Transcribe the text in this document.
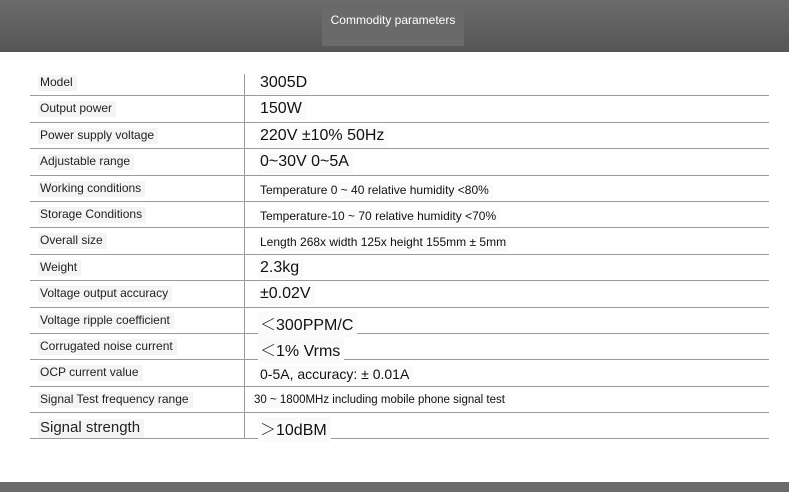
Commodity parameters
Model	3005D
Output power	150W
Power supply voltage	220V ±10% 50Hz
Adjustable range	0~30V 0~5A
Working conditions	Temperature 0 ~ 40 relative humidity <80%
Storage Conditions	Temperature-10 ~ 70 relative humidity <70%
Overall size	Length 268x width 125x height 155mm ± 5mm
Weight	2.3kg
Voltage output accuracy	±0.02V
Voltage ripple coefficient	＜300PPM/C
Corrugated noise current	＜1% Vrms
OCP current value	0-5A, accuracy: ± 0.01A
Signal Test frequency range	30 ~ 1800MHz including mobile phone signal test
Signal strength	＞10dBM
